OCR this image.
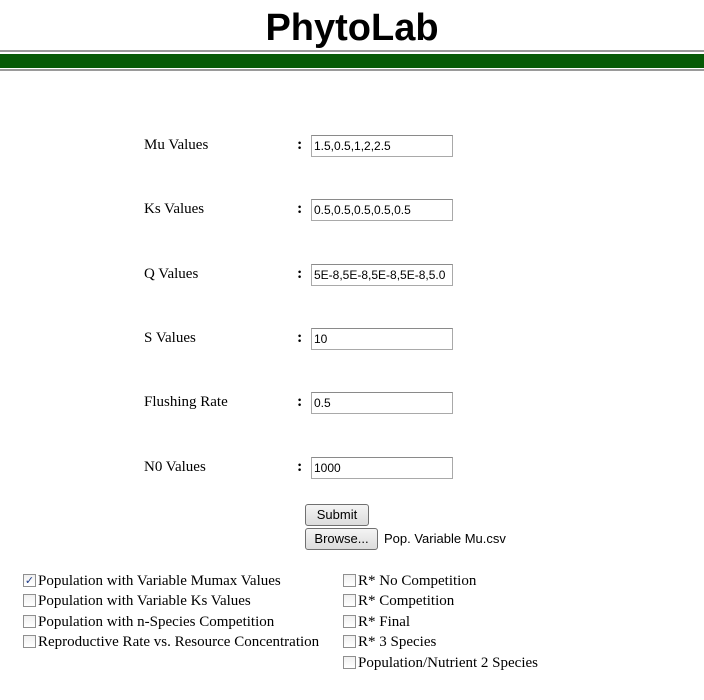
PhytoLab
Mu Values	:
1.5,0.5,1,2,2.5
Ks Values	:
0.5,0.5,0.5,0.5,0.5
Q Values	:
5E-8,5E-8,5E-8,5E-8,5.0
S Values	:
10
Flushing Rate	:
0.5
N0 Values	:
1000
Submit
Browse...	Pop. Variable Mu.csv
✓ Population with Variable Mumax Values
Population with Variable Ks Values
Population with n-Species Competition
Reproductive Rate vs. Resource Concentration
R* No Competition
R* Competition
R* Final
R* 3 Species
Population/Nutrient 2 Species
